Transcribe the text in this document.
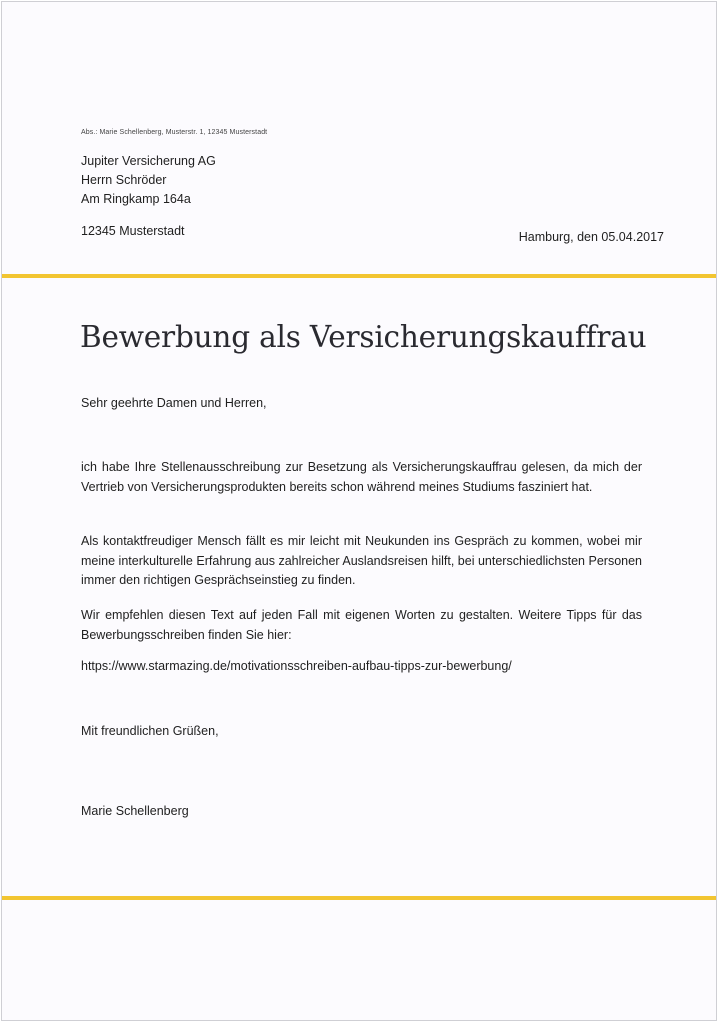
Abs.: Marie Schellenberg, Musterstr. 1, 12345 Musterstadt
Jupiter Versicherung AG
Herrn Schröder
Am Ringkamp 164a
12345 Musterstadt	Hamburg, den 05.04.2017
Bewerbung als Versicherungskauffrau
Sehr geehrte Damen und Herren,
ich habe Ihre Stellenausschreibung zur Besetzung als Versicherungskauffrau gelesen, da mich der Vertrieb von Versicherungsprodukten bereits schon während meines Studiums fasziniert hat.
Als kontaktfreudiger Mensch fällt es mir leicht mit Neukunden ins Gespräch zu kommen, wobei mir meine interkulturelle Erfahrung aus zahlreicher Auslandsreisen hilft, bei unterschiedlichsten Personen immer den richtigen Gesprächseinstieg zu finden.
Wir empfehlen diesen Text auf jeden Fall mit eigenen Worten zu gestalten. Weitere Tipps für das Bewerbungsschreiben finden Sie hier:
https://www.starmazing.de/motivationsschreiben-aufbau-tipps-zur-bewerbung/
Mit freundlichen Grüßen,
Marie Schellenberg
